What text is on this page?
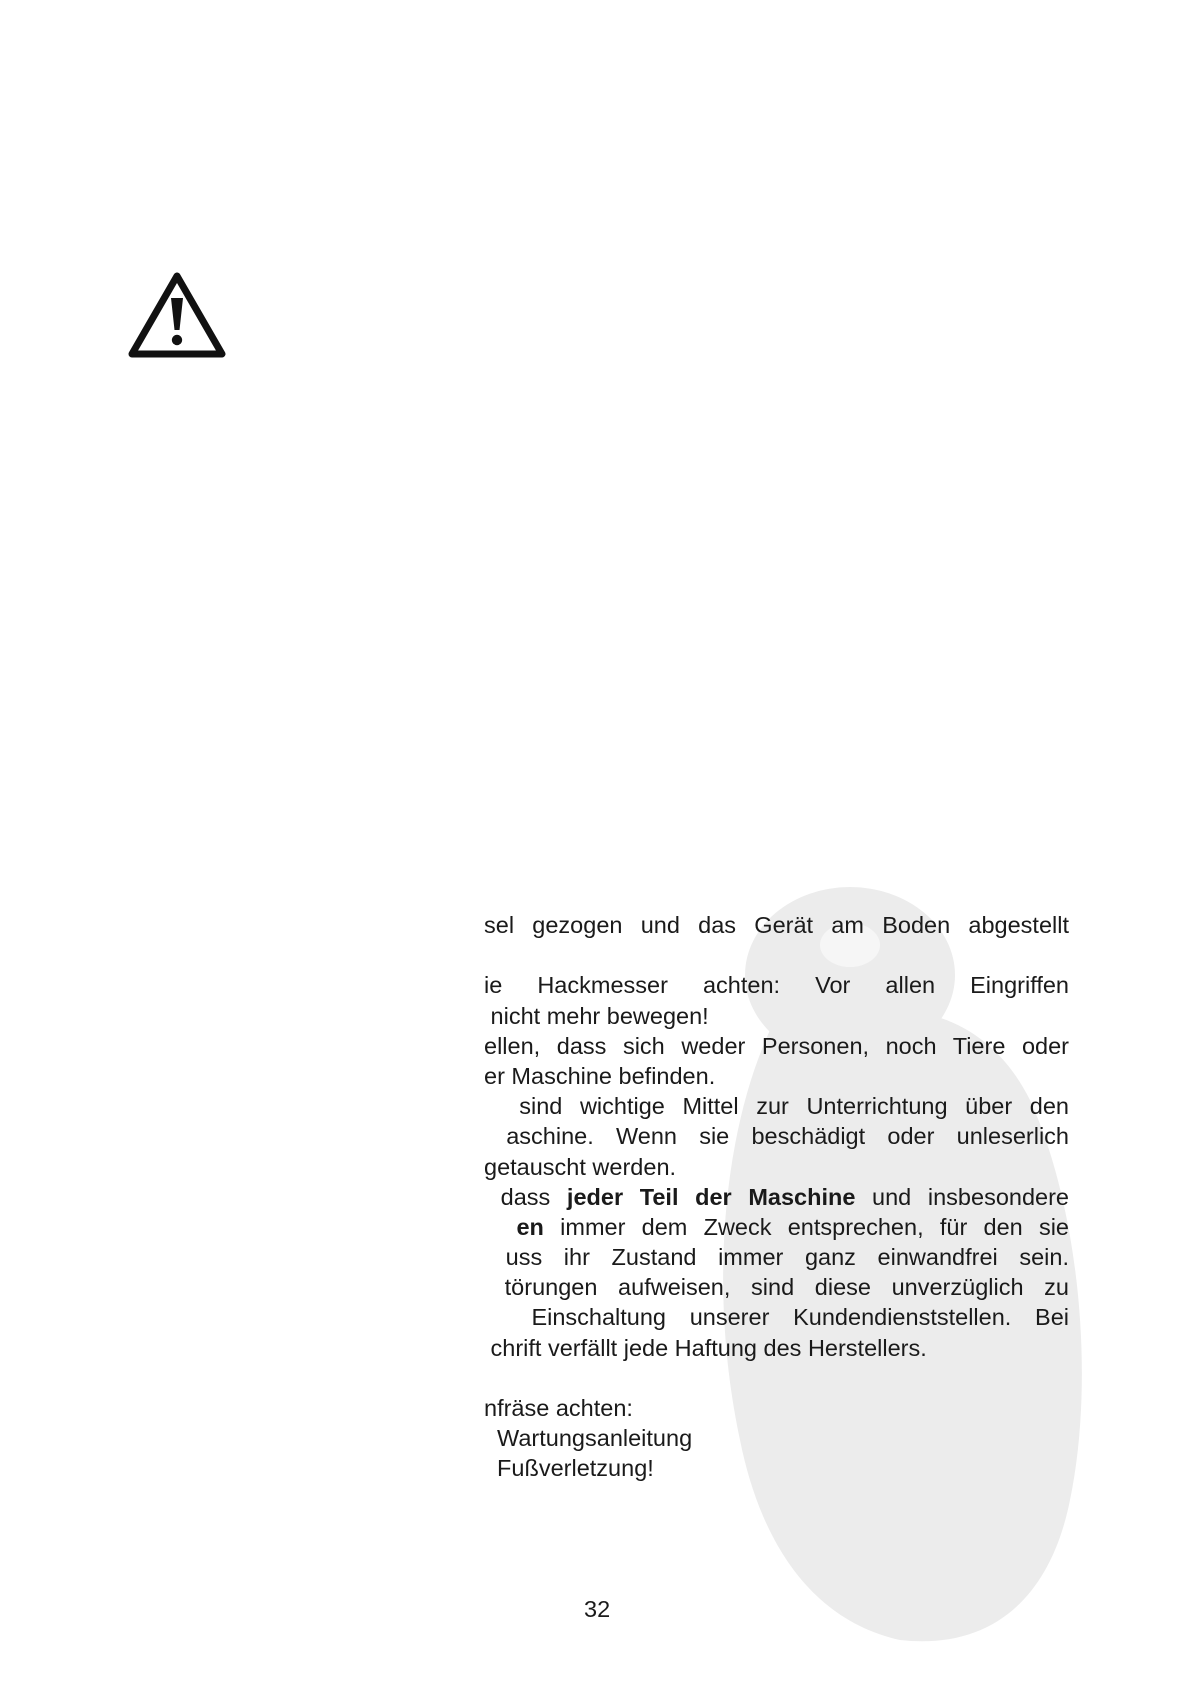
sel gezogen und das Gerät am Boden abgestellt
ie Hackmesser achten: Vor allen Eingriffen
nicht mehr bewegen!
ellen, dass sich weder Personen, noch Tiere oder
er Maschine befinden.
sind wichtige Mittel zur Unterrichtung über den
aschine. Wenn sie beschädigt oder unleserlich
getauscht werden.
dass jeder Teil der Maschine und insbesondere
en immer dem Zweck entsprechen, für den sie
uss ihr Zustand immer ganz einwandfrei sein.
törungen aufweisen, sind diese unverzüglich zu
Einschaltung unserer Kundendienststellen. Bei
chrift verfällt jede Haftung des Herstellers.
nfräse achten:
Wartungsanleitung
Fußverletzung!
32
